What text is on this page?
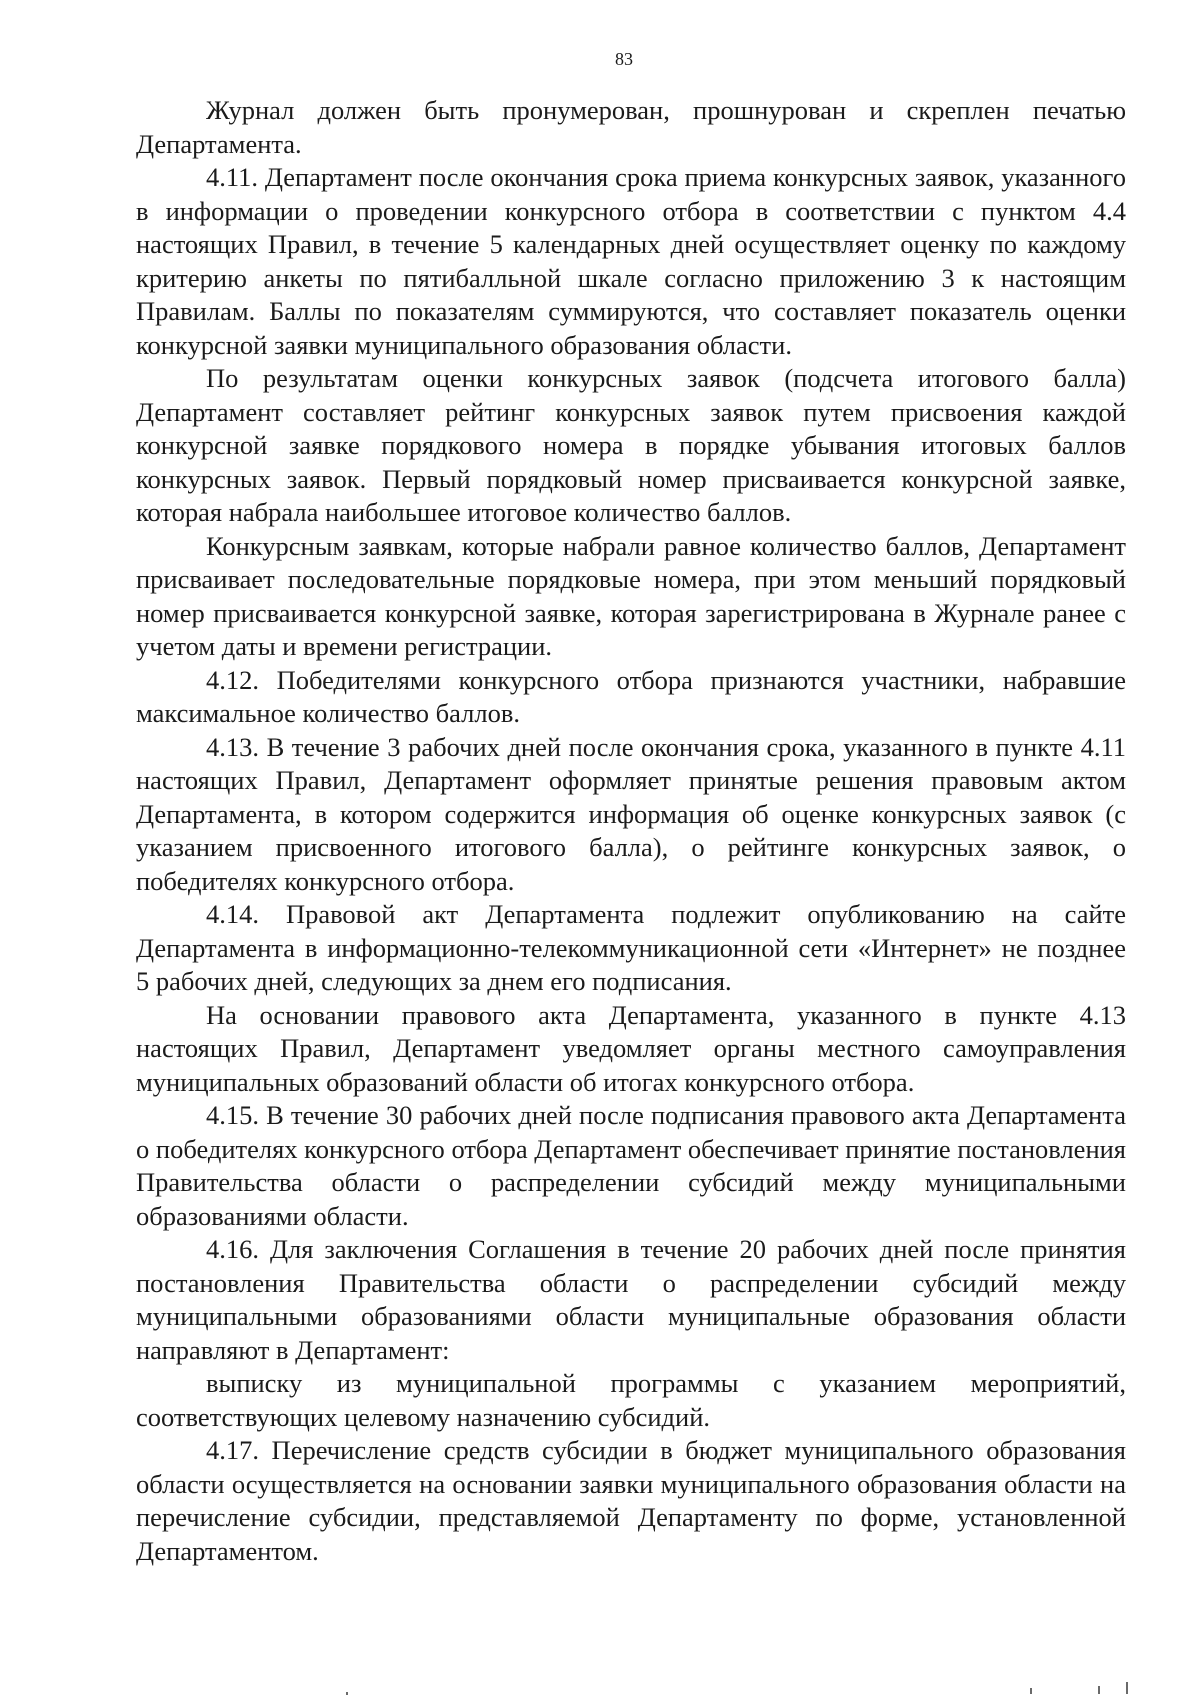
83

Журнал должен быть пронумерован, прошнурован и скреплен печатью Департамента.

4.11. Департамент после окончания срока приема конкурсных заявок, указанного в информации о проведении конкурсного отбора в соответствии с пунктом 4.4 настоящих Правил, в течение 5 календарных дней осуществляет оценку по каждому критерию анкеты по пятибалльной шкале согласно приложению 3 к настоящим Правилам. Баллы по показателям суммируются, что составляет показатель оценки конкурсной заявки муниципального образования области.

По результатам оценки конкурсных заявок (подсчета итогового балла) Департамент составляет рейтинг конкурсных заявок путем присвоения каждой конкурсной заявке порядкового номера в порядке убывания итоговых баллов конкурсных заявок. Первый порядковый номер присваивается конкурсной заявке, которая набрала наибольшее итоговое количество баллов.

Конкурсным заявкам, которые набрали равное количество баллов, Департамент присваивает последовательные порядковые номера, при этом меньший порядковый номер присваивается конкурсной заявке, которая зарегистрирована в Журнале ранее с учетом даты и времени регистрации.

4.12. Победителями конкурсного отбора признаются участники, набравшие максимальное количество баллов.

4.13. В течение 3 рабочих дней после окончания срока, указанного в пункте 4.11 настоящих Правил, Департамент оформляет принятые решения правовым актом Департамента, в котором содержится информация об оценке конкурсных заявок (с указанием присвоенного итогового балла), о рейтинге конкурсных заявок, о победителях конкурсного отбора.

4.14. Правовой акт Департамента подлежит опубликованию на сайте Департамента в информационно-телекоммуникационной сети «Интернет» не позднее 5 рабочих дней, следующих за днем его подписания.

На основании правового акта Департамента, указанного в пункте 4.13 настоящих Правил, Департамент уведомляет органы местного самоуправления муниципальных образований области об итогах конкурсного отбора.

4.15. В течение 30 рабочих дней после подписания правового акта Департамента о победителях конкурсного отбора Департамент обеспечивает принятие постановления Правительства области о распределении субсидий между муниципальными образованиями области.

4.16. Для заключения Соглашения в течение 20 рабочих дней после принятия постановления Правительства области о распределении субсидий между муниципальными образованиями области муниципальные образования области направляют в Департамент:

выписку из муниципальной программы с указанием мероприятий, соответствующих целевому назначению субсидий.

4.17. Перечисление средств субсидии в бюджет муниципального образования области осуществляется на основании заявки муниципального образования области на перечисление субсидии, представляемой Департаменту по форме, установленной Департаментом.
